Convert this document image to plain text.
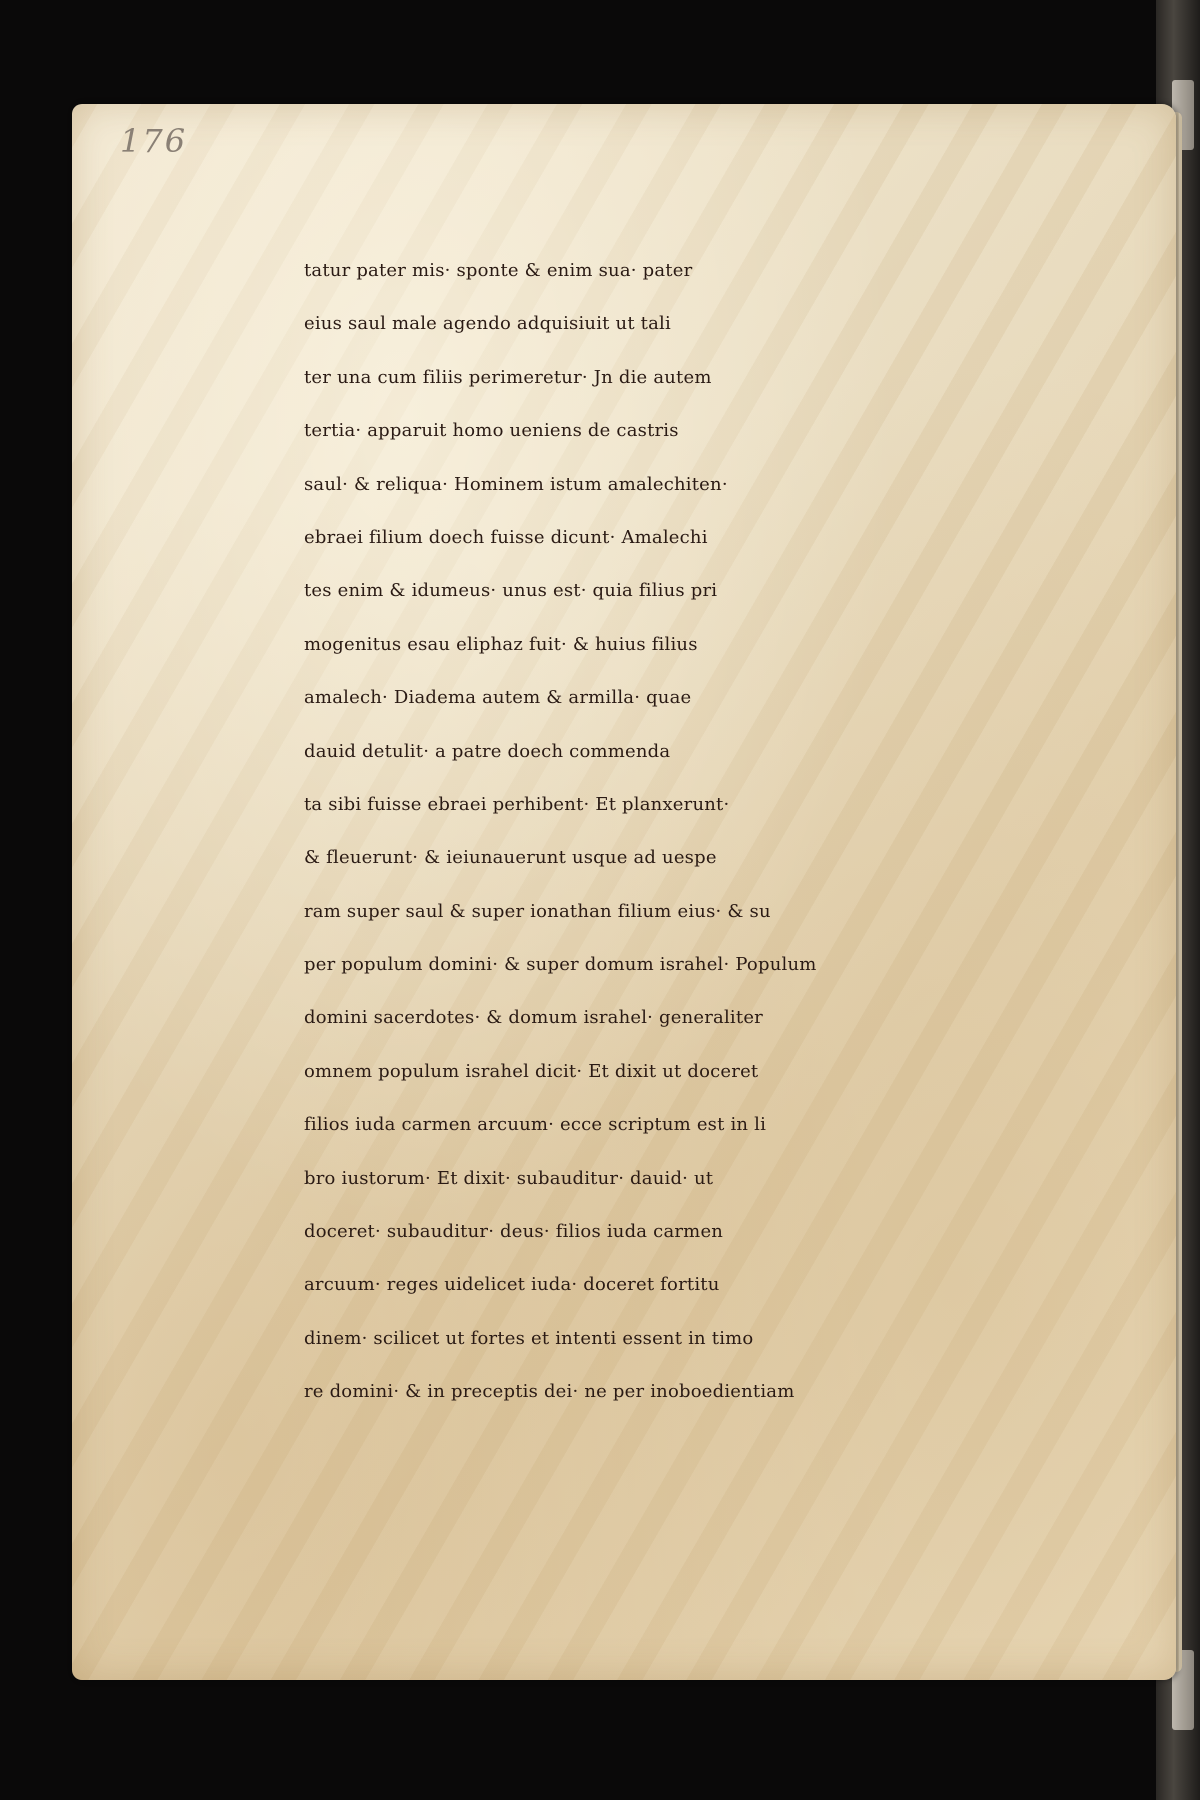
176
tatur pater mis· sponte & enim sua· pater
eius saul male agendo adquisiuit ut tali
ter una cum filiis perimeretur· Jn die autem
tertia· apparuit homo ueniens de castris
saul· & reliqua· Hominem istum amalechiten·
ebraei filium doech fuisse dicunt· Amalechi
tes enim & idumeus· unus est· quia filius pri
mogenitus esau eliphaz fuit· & huius filius
amalech· Diadema autem & armilla· quae
dauid detulit· a patre doech commenda
ta sibi fuisse ebraei perhibent· Et planxerunt·
& fleuerunt· & ieiunauerunt usque ad uespe
ram super saul & super ionathan filium eius· & su
per populum domini· & super domum israhel· Populum
domini sacerdotes· & domum israhel· generaliter
omnem populum israhel dicit· Et dixit ut doceret
filios iuda carmen arcuum· ecce scriptum est in li
bro iustorum· Et dixit· subauditur· dauid· ut
doceret· subauditur· deus· filios iuda carmen
arcuum· reges uidelicet iuda· doceret fortitu
dinem· scilicet ut fortes et intenti essent in timo
re domini· & in preceptis dei· ne per inoboedientiam
